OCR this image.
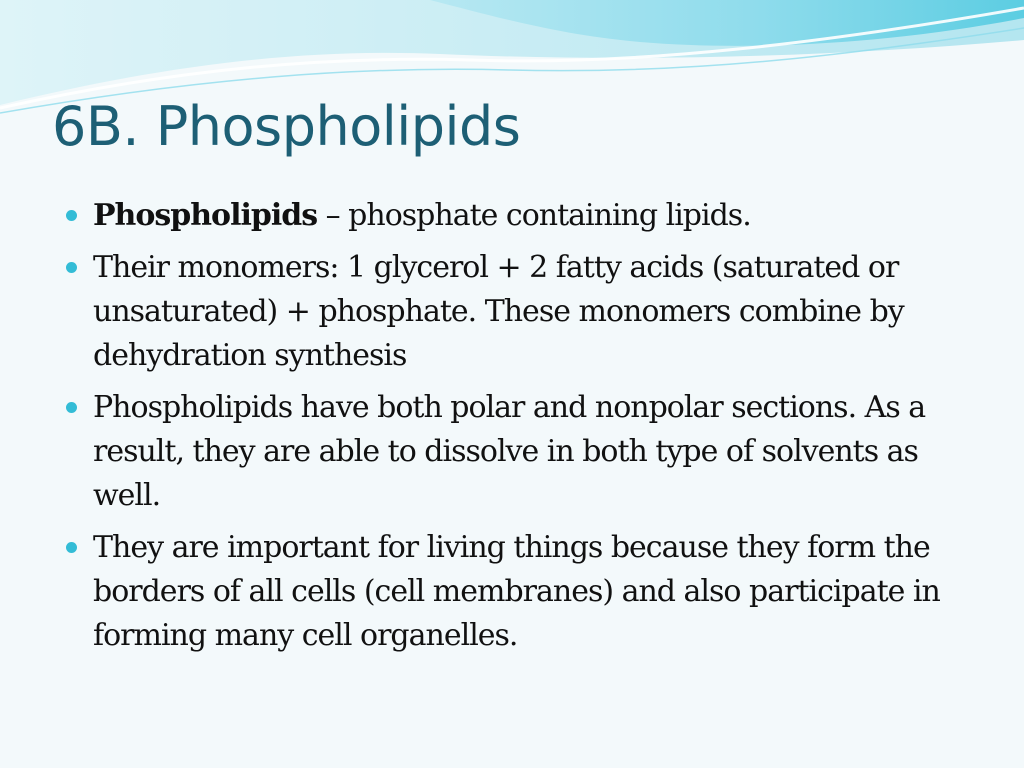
6B. Phospholipids
Phospholipids – phosphate containing lipids.
Their monomers: 1 glycerol + 2 fatty acids (saturated or unsaturated) + phosphate. These monomers combine by dehydration synthesis
Phospholipids have both polar and nonpolar sections. As a result, they are able to dissolve in both type of solvents as well.
They are important for living things because they form the borders of all cells (cell membranes) and also participate in forming many cell organelles.
